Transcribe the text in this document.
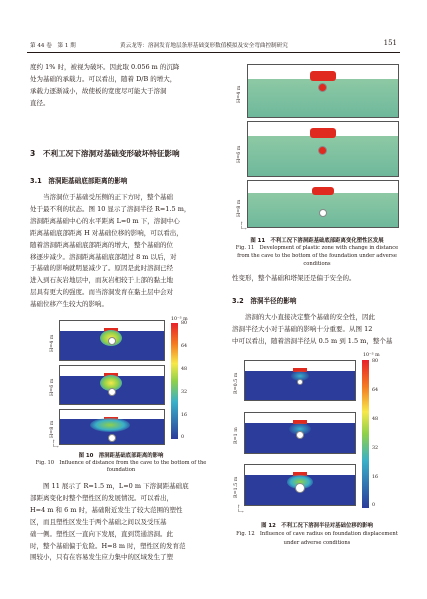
第 44 卷　第 1 期	黄云龙等：溶洞发育地层条形基础变形数值模拟及安全弯曲控制研究	151
度约 1% 时，被视为破坏。因此取 0.056 m 的沉降
处为基础的承载力。可以看出，随着 D/B 的增大，
承载力逐渐减小，故使板的宽度尽可能大于溶洞
直径。
3　不利工况下溶洞对基础变形破坏特征影响
3.1　溶洞距基础底部距离的影响
　　当溶洞位于基础受压侧的正下方时，整个基础
处于最不利的状态。图 10 显示了溶洞半径 R=1.5 m，
溶洞距离基础中心的水平距离 L=0 m 下，溶洞中心
距离基础底部距离 H 对基础位移的影响，可以看出，
随着溶洞距离基础底部距离的增大，整个基础的位
移逐步减少。溶洞距离基础底部超过 8 m 以后，对
于基础的影响就明显减少了。原因是此时溶洞已经
进入到石灰岩地层中，而灰岩相较于上部的黏土地
层具有更大的强度。而当溶洞发育在黏土层中会对
基础位移产生较大的影响。
10⁻³ m
H=4 m
H=6 m
H=8 m
80
64
48
32
16
0
↑
└→
图 10　溶洞距基础底部距离的影响
Fig. 10　Influence of distance from the cave to the bottom of the
foundation
　　图 11 展示了 R=1.5 m，L=0 m 下溶洞距基础底
部距离变化时整个塑性区的发展情况。可以看出，
H=4 m 和 6 m 时，基础附近发生了较大范围的塑性
区，而且塑性区发生于两个基础之间以及受压基
础一侧。塑性区一直向下发展，直到贯通溶洞。此
时，整个基础偏于危险。H=8 m 时，塑性区的发育范
围较小，只有在容易发生应力集中的区域发生了塑
H=4 m
H=6 m
H=8 m
↑
└→
图 11　不利工况下溶洞距基础底部距离变化塑性区发展
Fig. 11　Development of plastic zone with change in distance
from the cave to the bottom of the foundation under adverse
conditions
性变形，整个基础和塔架还是偏于安全的。
3.2　溶洞半径的影响
　　溶洞的大小直接决定整个基础的安全性，因此
溶洞半径大小对于基础的影响十分重要。从图 12
中可以看出，随着溶洞半径从 0.5 m 到 1.5 m，整个基
10⁻³ m
R=0.5 m
R=1 m
R=1.5 m
80
64
48
32
16
0
↑
└→
图 12　不利工况下溶洞半径对基础位移的影响
Fig. 12　Influence of cave radius on foundation displacement
under adverse conditions
